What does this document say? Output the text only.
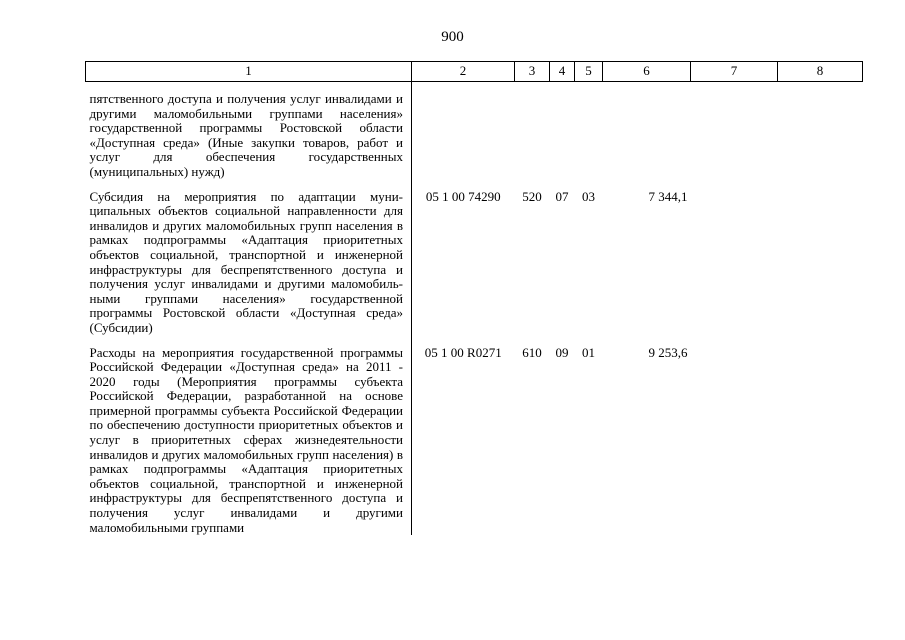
900
1	2	3	4	5	6	7	8

пятственного доступа и получения услуг инвалидами и другими маломобильными группами населения» государственной программы Ростовской области «Доступная среда» (Иные закупки товаров, работ и услуг для обеспечения государственных (муниципальных) нужд)							

Субсидия на мероприятия по адаптации муниципальных объектов социальной направленности для инвалидов и других маломобильных групп населения в рамках подпрограммы «Адаптация приоритетных объектов социальной, транспортной и инженерной инфраструктуры для беспрепятственного доступа и получения услуг инвалидами и другими маломобильными группами населения» государственной программы Ростовской области «Доступная среда» (Субсидии)	05 1 00 74290	520	07	03	7 344,1		

Расходы на мероприятия государственной программы Российской Федерации «Доступная среда» на 2011 - 2020 годы (Мероприятия программы субъекта Российской Федерации, разработанной на основе примерной программы субъекта Российской Федерации по обеспечению доступности приоритетных объектов и услуг в приоритетных сферах жизнедеятельности инвалидов и других маломобильных групп населения) в рамках подпрограммы «Адаптация приоритетных объектов социальной, транспортной и инженерной инфраструктуры для беспрепятственного доступа и получения услуг инвалидами и другими маломобильными группами	05 1 00 R0271	610	09	01	9 253,6		
